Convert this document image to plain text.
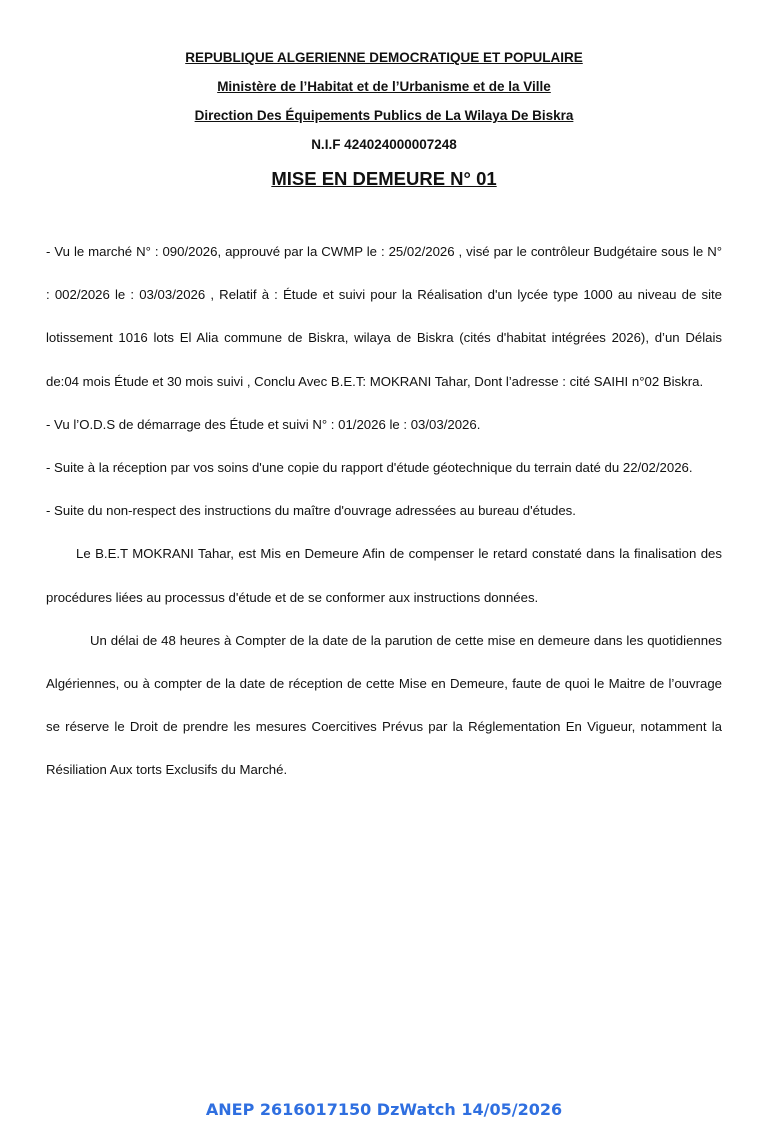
REPUBLIQUE ALGERIENNE DEMOCRATIQUE ET POPULAIRE
Ministère de l’Habitat et de l’Urbanisme et de la Ville
Direction Des Équipements Publics de La Wilaya De Biskra
N.I.F 424024000007248
MISE EN DEMEURE N° 01

- Vu le marché N° : 090/2026, approuvé par la CWMP le : 25/02/2026 , visé par le contrôleur Budgétaire sous le N° : 002/2026 le : 03/03/2026 , Relatif à : Étude et suivi pour la Réalisation d'un lycée type 1000 au niveau de site lotissement 1016 lots El Alia commune de Biskra, wilaya de Biskra (cités d'habitat intégrées 2026), d’un Délais de:04 mois Étude et 30 mois suivi , Conclu Avec B.E.T: MOKRANI Tahar, Dont l’adresse : cité SAIHI n°02 Biskra.

- Vu l’O.D.S de démarrage des Étude et suivi N° : 01/2026 le : 03/03/2026.

- Suite à la réception par vos soins d'une copie du rapport d'étude géotechnique du terrain daté du 22/02/2026.

- Suite du non-respect des instructions du maître d'ouvrage adressées au bureau d'études.

Le B.E.T MOKRANI Tahar, est Mis en Demeure Afin de compenser le retard constaté dans la finalisation des procédures liées au processus d'étude et de se conformer aux instructions données.

Un délai de 48 heures à Compter de la date de la parution de cette mise en demeure dans les quotidiennes Algériennes, ou à compter de la date de réception de cette Mise en Demeure, faute de quoi le Maitre de l’ouvrage se réserve le Droit de prendre les mesures Coercitives Prévus par la Réglementation En Vigueur, notamment la Résiliation Aux torts Exclusifs du Marché.

ANEP 2616017150 DzWatch 14/05/2026
